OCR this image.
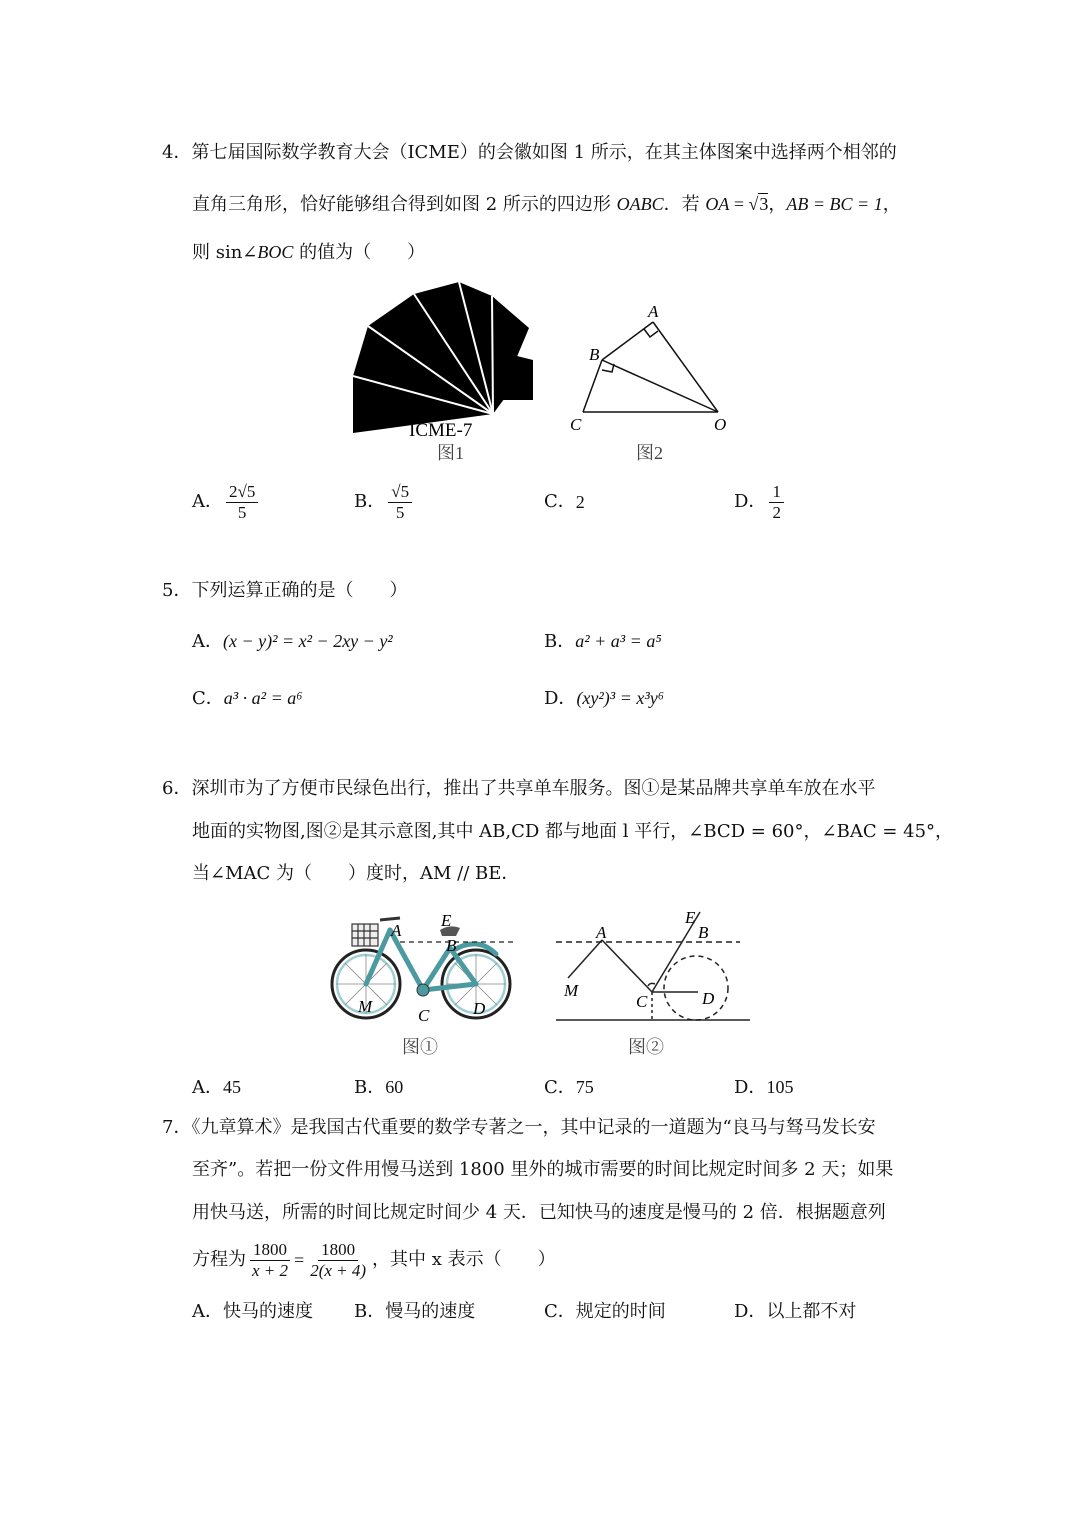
4．第七届国际数学教育大会（ICME）的会徽如图 1 所示，在其主体图案中选择两个相邻的
直角三角形，恰好能够组合得到如图 2 所示的四边形 OABC．若 OA = √3，AB = BC = 1，
则 sin∠BOC 的值为（　　）
ICME-7
图1
A
B
C	O
图2
A． $\frac{2√5}{5}$	B． $\frac{√5}{5}$	C． 2	D． $\frac{1}{2}$
5．下列运算正确的是（　　）
A．(x − y)² = x² − 2xy − y²	B．a² + a³ = a⁵
C．a³ · a² = a⁶	D．(xy²)³ = x³y⁶
6．深圳市为了方便市民绿色出行，推出了共享单车服务。图①是某品牌共享单车放在水平
地面的实物图,图②是其示意图,其中 AB,CD 都与地面 l 平行，∠BCD = 60°，∠BAC = 45°，
当∠MAC 为（　　）度时，AM // BE．
A
E
B
M	C	D
图①
E
B
A
M
C	D
图②
A．45	B．60	C．75	D．105
7．《九章算术》是我国古代重要的数学专著之一，其中记录的一道题为“良马与驽马发长安
至齐”。若把一份文件用慢马送到 1800 里外的城市需要的时间比规定时间多 2 天；如果
用快马送，所需的时间比规定时间少 4 天．已知快马的速度是慢马的 2 倍．根据题意列
方程为 $\frac{1800}{x + 2} = \frac{1800}{2(x + 4)}$ ，其中 x 表示（　　）
A．快马的速度 B．慢马的速度	C．规定的时间	D．以上都不对
